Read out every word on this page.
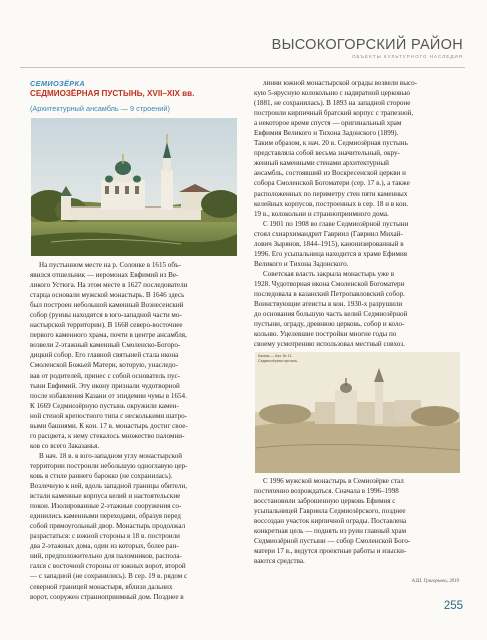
ВЫСОКОГОРСКИЙ РАЙОН
ОБЪЕКТЫ КУЛЬТУРНОГО НАСЛЕДИЯ
СЕМИОЗЁРКА
СЕДМИОЗЁРНАЯ ПУСТЫНЬ, XVII–XIX вв.
(Архитектурный ансамбль — 9 строений)

На пустынном месте на р. Солонке в 1615 объ-
явился отшельник — иеромонах Евфимий из Ве-
ликого Устюга. На этом месте в 1627 последователи
старца основали мужской монастырь. В 1646 здесь
был построен небольшой каменный Вознесенский
собор (руины находятся в юго-западной части мо-
настырской территории). В 1668 северо-восточнее
первого каменного храма, почти в центре ансамбля,
возвели 2-этажный каменный Смоленско-Богоро-
дицкий собор. Его главной святыней стала икона
Смоленской Божьей Матери, которую, унаследо-
вав от родителей, принес с собой основатель пус-
тыни Евфимий. Эту икону признали чудотворной
после избавления Казани от эпидемии чумы в 1654.
К 1669 Седмиозёрную пустынь окружили камен-
ной стеной крепостного типа с несколькими шатро-
выми башнями. К кон. 17 в. монастырь достиг свое-
го расцвета, к нему стекалось множество паломни-
ков со всего Заказанья.

В нач. 18 в. в юго-западном углу монастырской
территории построили небольшую одноглавую цер-
ковь в стиле раннего барокко (не сохранилась).
Возлечную к ней, вдоль западной границы обители,
встали каменные корпуса келий и настоятельские
покои. Изолированные 2-этажные сооружения со-
единились каменными переходами, образуя перед
собой прямоугольный двор. Монастырь продолжал
разрастаться: с южной стороны в 18 в. построили
два 2-этажных дома, один из которых, более ран-
ний, предположительно для паломников, располa-
гался с восточной стороны от южных ворот, второй
— с западной (не сохранились). В сер. 19 в. рядом с
северной границей монастыря, вблизи дальних
ворот, сооружен странноприимный дом. Позднее в

линии южной монастырской ограды возвели высо-
кую 5-ярусную колокольню с надвратной церковью
(1881, не сохранилась). В 1893 на западной стороне
построили кирпичный братский корпус с трапезной,
а некоторое время спустя — оригинальный храм
Евфимия Великого и Тихона Задонского (1899).
Таким образом, к нач. 20 в. Седмиозёрная пустынь
представляла собой весьма значительный, окру-
женный каменными стенами архитектурный
ансамбль, состоявший из Воскресенской церкви и
собора Смоленской Богоматери (сер. 17 в.), а также
расположенных по периметру стен пяти каменных
келейных корпусов, построенных в сер. 18 и в кон.
19 в., колокольни и странноприимного дома.

С 1901 по 1908 во главе Седмиозёрной пустыни
стоял схиархимандрит Гавриил (Гавриил Михай-
лович Зырянов, 1844–1915), канонизированный в
1996. Его усыпальница находится в храме Ефимия
Великого и Тихона Задонского.

Советская власть закрыла монастырь уже в
1928. Чудотворная икона Смоленской Богоматери
последовала в казанский Петропавловский собор.
Воинствующие атеисты в кон. 1930-х разрушили
до основания большую часть келий Седмиозёрной
пустыни, ограду, древнюю церковь, собор и коло-
кольню. Уцелевшие постройки многие годы по
своему усмотрению использовал местный совхоз.

Казань.— Каз. № 11.
Седмиозёрная пустынь.

С 1996 мужской монастырь в Семиозёрке стал
постепенно возрождаться. Сначала в 1996–1998
восстановили заброшенную церковь Ефимия с
усыпальницей Гавриила Седмиозёрского, позднее
воссоздан участок кирпичной ограды. Поставлена
конкретная цель — поднять из руин главный храм
Седмиозёрной пустыни — собор Смоленской Бого-
матери 17 в., ведутся проектные работы и изыски-
ваются средства.

А.Ш. Григорьева, 2019
255
